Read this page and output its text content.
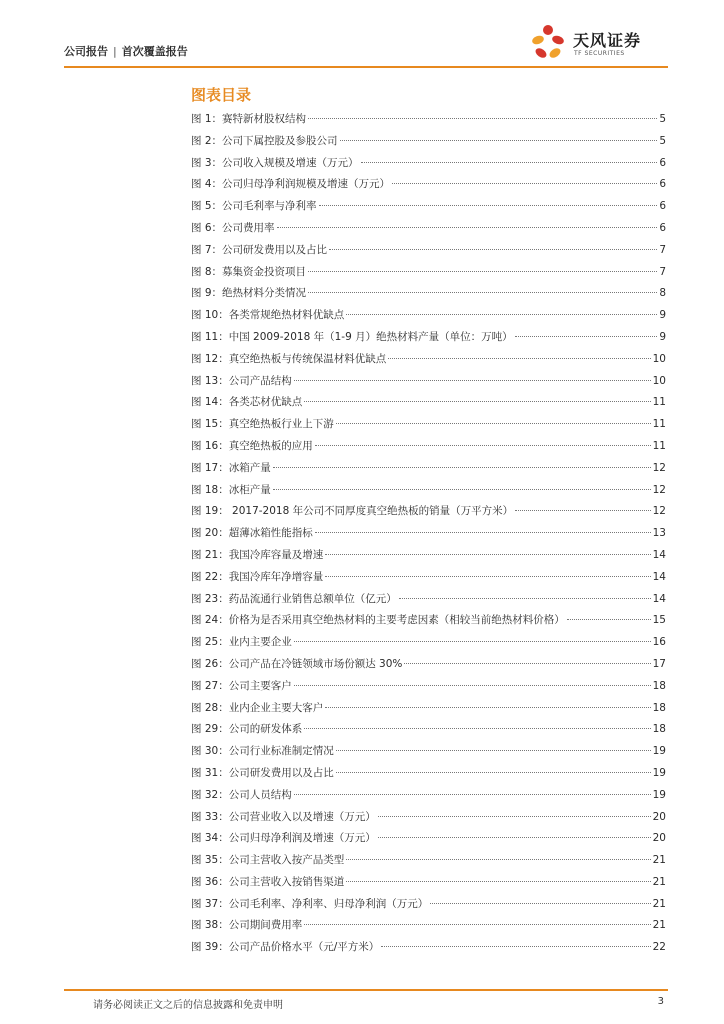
公司报告 | 首次覆盖报告
天风证券
TF SECURITIES
图表目录
图 1：赛特新材股权结构	5
图 2：公司下属控股及参股公司	5
图 3：公司收入规模及增速（万元）	6
图 4：公司归母净利润规模及增速（万元）	6
图 5：公司毛利率与净利率	6
图 6：公司费用率	6
图 7：公司研发费用以及占比	7
图 8：募集资金投资项目	7
图 9：绝热材料分类情况	8
图 10：各类常规绝热材料优缺点	9
图 11：中国 2009-2018 年（1-9 月）绝热材料产量（单位：万吨）	9
图 12：真空绝热板与传统保温材料优缺点	10
图 13：公司产品结构	10
图 14：各类芯材优缺点	11
图 15：真空绝热板行业上下游	11
图 16：真空绝热板的应用	11
图 17：冰箱产量	12
图 18：冰柜产量	12
图 19： 2017-2018 年公司不同厚度真空绝热板的销量（万平方米）	12
图 20：超薄冰箱性能指标	13
图 21：我国冷库容量及增速	14
图 22：我国冷库年净增容量	14
图 23：药品流通行业销售总额单位（亿元）	14
图 24：价格为是否采用真空绝热材料的主要考虑因素（相较当前绝热材料价格）	15
图 25：业内主要企业	16
图 26：公司产品在冷链领域市场份额达 30%	17
图 27：公司主要客户	18
图 28：业内企业主要大客户	18
图 29：公司的研发体系	18
图 30：公司行业标准制定情况	19
图 31：公司研发费用以及占比	19
图 32：公司人员结构	19
图 33：公司营业收入以及增速（万元）	20
图 34：公司归母净利润及增速（万元）	20
图 35：公司主营收入按产品类型	21
图 36：公司主营收入按销售渠道	21
图 37：公司毛利率、净利率、归母净利润（万元）	21
图 38：公司期间费用率	21
图 39：公司产品价格水平（元/平方米）	22
请务必阅读正文之后的信息披露和免责申明	3
